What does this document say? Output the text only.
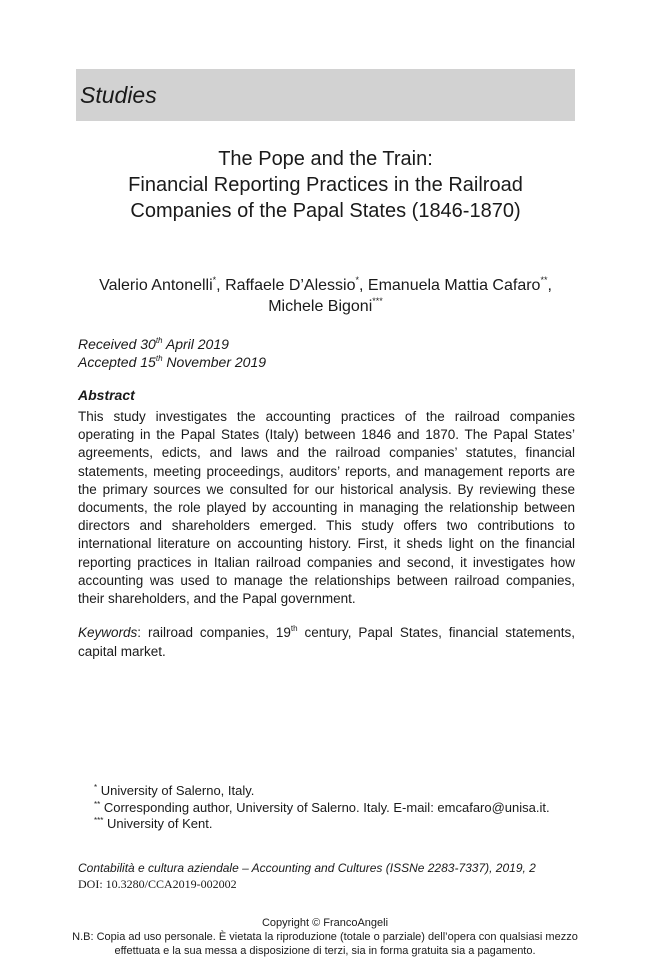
Studies
The Pope and the Train:
Financial Reporting Practices in the Railroad
Companies of the Papal States (1846-1870)
Valerio Antonelli*, Raffaele D’Alessio*, Emanuela Mattia Cafaro**,
Michele Bigoni***
Received 30th April 2019
Accepted 15th November 2019
Abstract
This study investigates the accounting practices of the railroad companies operating in the Papal States (Italy) between 1846 and 1870. The Papal States’ agreements, edicts, and laws and the railroad companies’ statutes, financial statements, meeting proceedings, auditors’ reports, and management reports are the primary sources we consulted for our historical analysis. By reviewing these documents, the role played by accounting in managing the relationship between directors and shareholders emerged. This study offers two contributions to international literature on accounting history. First, it sheds light on the financial reporting practices in Italian railroad companies and second, it investigates how accounting was used to manage the relationships between railroad companies, their shareholders, and the Papal government.
Keywords: railroad companies, 19th century, Papal States, financial statements, capital market.

* University of Salerno, Italy.

** Corresponding author, University of Salerno. Italy. E-mail: emcafaro@unisa.it.

*** University of Kent.

Contabilità e cultura aziendale – Accounting and Cultures (ISSNe 2283-7337), 2019, 2
DOI: 10.3280/CCA2019-002002
Copyright © FrancoAngeli
N.B: Copia ad uso personale. È vietata la riproduzione (totale o parziale) dell’opera con qualsiasi mezzo effettuata e la sua messa a disposizione di terzi, sia in forma gratuita sia a pagamento.
